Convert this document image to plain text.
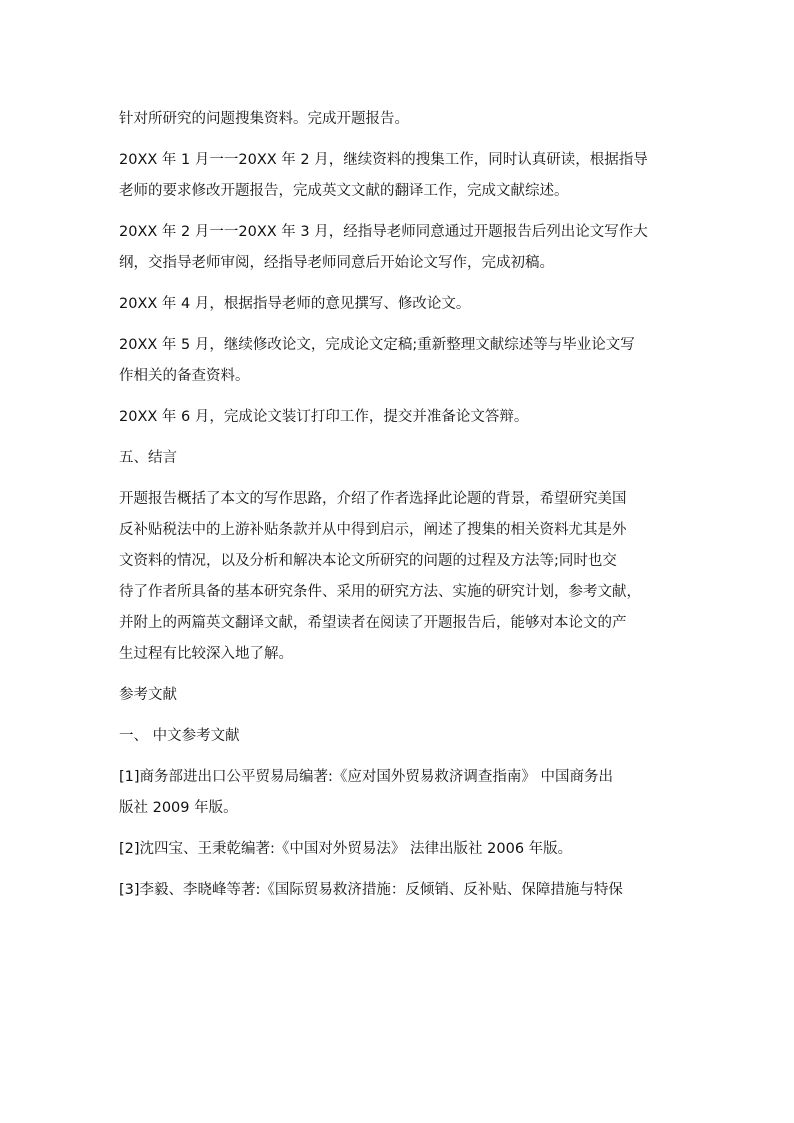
针对所研究的问题搜集资料。完成开题报告。
20XX 年 1 月一一20XX 年 2 月，继续资料的搜集工作，同时认真研读，根据指导
老师的要求修改开题报告，完成英文文献的翻译工作，完成文献综述。
20XX 年 2 月一一20XX 年 3 月，经指导老师同意通过开题报告后列出论文写作大
纲，交指导老师审阅，经指导老师同意后开始论文写作，完成初稿。
20XX 年 4 月，根据指导老师的意见撰写、修改论文。
20XX 年 5 月，继续修改论文，完成论文定稿;重新整理文献综述等与毕业论文写
作相关的备查资料。
20XX 年 6 月，完成论文装订打印工作，提交并准备论文答辩。
五、结言
开题报告概括了本文的写作思路，介绍了作者选择此论题的背景，希望研究美国
反补贴税法中的上游补贴条款并从中得到启示，阐述了搜集的相关资料尤其是外
文资料的情况，以及分析和解决本论文所研究的问题的过程及方法等;同时也交
待了作者所具备的基本研究条件、采用的研究方法、实施的研究计划，参考文献，
并附上的两篇英文翻译文献，希望读者在阅读了开题报告后，能够对本论文的产
生过程有比较深入地了解。
参考文献
一、 中文参考文献
[1]商务部进出口公平贸易局编著:《应对国外贸易救济调查指南》 中国商务出
版社 2009 年版。
[2]沈四宝、王秉乾编著:《中国对外贸易法》 法律出版社 2006 年版。
[3]李毅、李晓峰等著:《国际贸易救济措施：反倾销、反补贴、保障措施与特保
